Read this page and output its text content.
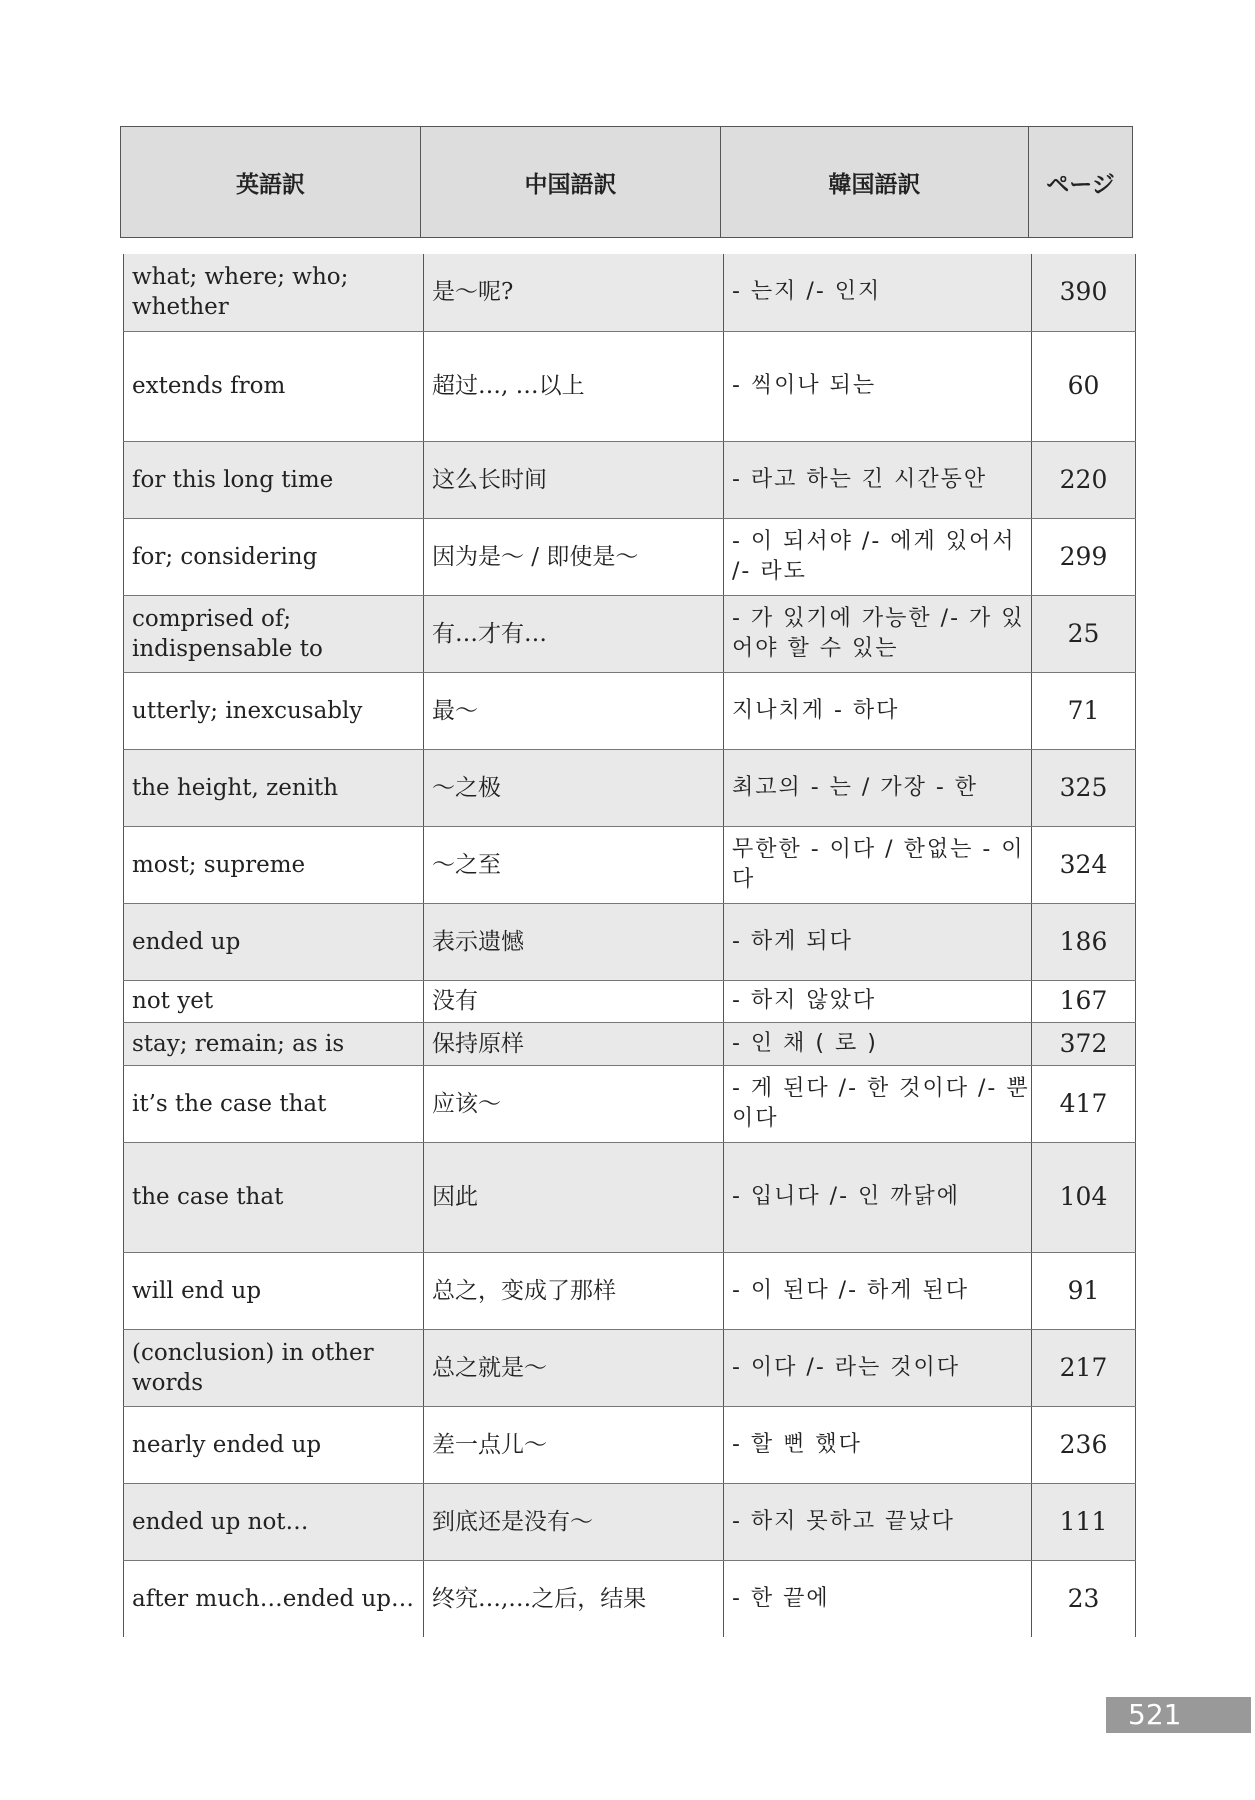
英語訳	中国語訳	韓国語訳	ページ
what; where; who; whether	是〜呢?	- 는지 /- 인지	390
extends from	超过…, …以上	- 씩이나 되는	60
for this long time	这么长时间	- 라고 하는 긴 시간동안	220
for; considering	因为是〜 / 即使是〜	- 이 되서야 /- 에게 있어서 /- 라도	299
comprised of; indispensable to	有…才有…	- 가 있기에 가능한 /- 가 있어야 할 수 있는	25
utterly; inexcusably	最〜	지나치게 - 하다	71
the height, zenith	〜之极	최고의 - 는 / 가장 - 한	325
most; supreme	〜之至	무한한 - 이다 / 한없는 - 이다	324
ended up	表示遗憾	- 하게 되다	186
not yet	没有	- 하지 않았다	167
stay; remain; as is	保持原样	- 인 채 ( 로 )	372
it’s the case that	应该〜	- 게 된다 /- 한 것이다 /- 뿐이다	417
the case that	因此	- 입니다 /- 인 까닭에	104
will end up	总之，变成了那样	- 이 된다 /- 하게 된다	91
(conclusion) in other words	总之就是〜	- 이다 /- 라는 것이다	217
nearly ended up	差一点儿〜	- 할 뻔 했다	236
ended up not…	到底还是没有〜	- 하지 못하고 끝났다	111
after much…ended up…	终究…,…之后，结果	- 한 끝에	23
521
